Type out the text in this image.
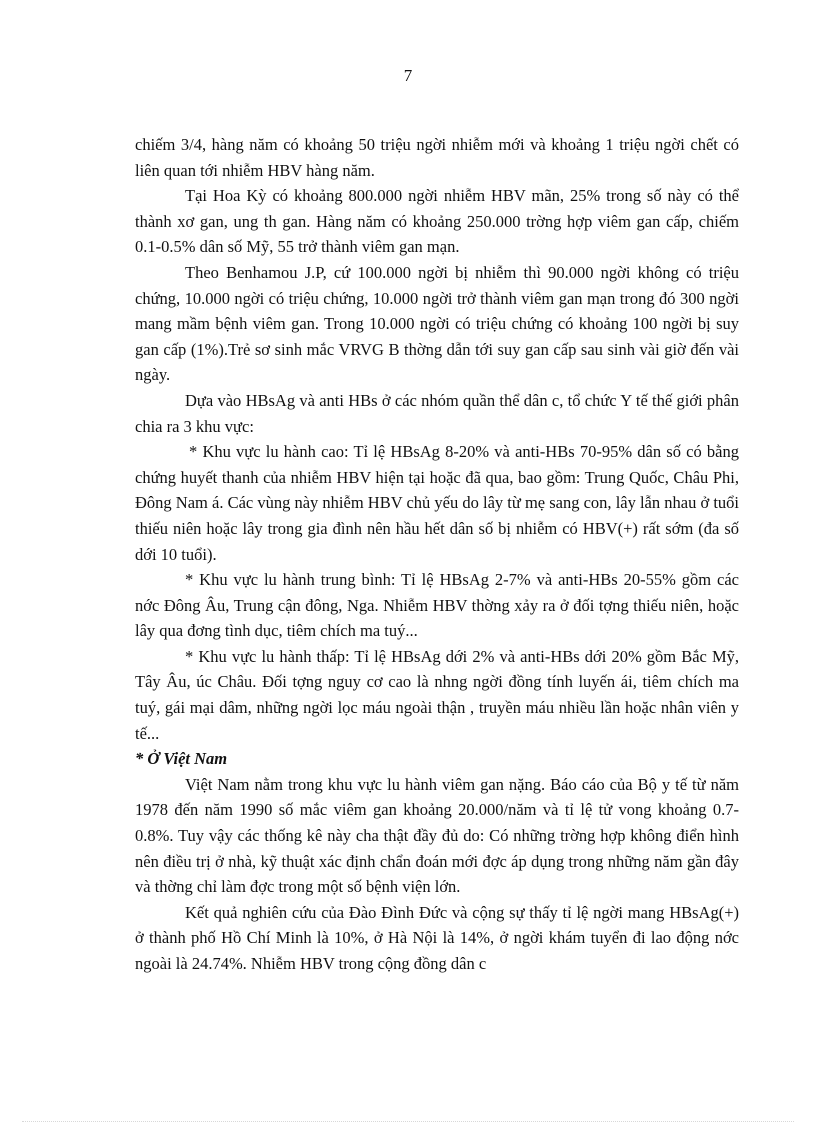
7

chiếm 3/4, hàng năm có khoảng 50 triệu ngời nhiễm mới và khoảng 1 triệu ngời chết có liên quan tới nhiễm HBV hàng năm.

Tại Hoa Kỳ có khoảng 800.000 ngời nhiễm HBV mãn, 25% trong số này có thể thành xơ gan, ung th gan. Hàng năm có khoảng 250.000 trờng hợp viêm gan cấp, chiếm 0.1-0.5% dân số Mỹ, 55 trở thành viêm gan mạn.

Theo Benhamou J.P, cứ 100.000 ngời bị nhiễm thì 90.000 ngời không có triệu chứng, 10.000 ngời có triệu chứng, 10.000 ngời trở thành viêm gan mạn trong đó 300 ngời mang mầm bệnh viêm gan. Trong 10.000 ngời có triệu chứng có khoảng 100 ngời bị suy gan cấp (1%).Trẻ sơ sinh mắc VRVG B thờng dẫn tới suy gan cấp sau sinh vài giờ đến vài ngày.

Dựa vào HBsAg và anti HBs ở các nhóm quần thể dân c, tổ chức Y tế thế giới phân chia ra 3 khu vực:

* Khu vực lu hành cao: Tỉ lệ HBsAg 8-20% và anti-HBs 70-95% dân số có bằng chứng huyết thanh của nhiễm HBV hiện tại hoặc đã qua, bao gồm: Trung Quốc, Châu Phi, Đông Nam á. Các vùng này nhiễm HBV chủ yếu do lây từ mẹ sang con, lây lẫn nhau ở tuổi thiếu niên hoặc lây trong gia đình nên hầu hết dân số bị nhiễm có HBV(+) rất sớm (đa số dới 10 tuổi).

* Khu vực lu hành trung bình: Tỉ lệ HBsAg 2-7% và anti-HBs 20-55% gồm các nớc Đông Âu, Trung cận đông, Nga. Nhiễm HBV thờng xảy ra ở đối tợng thiếu niên, hoặc lây qua đơng tình dục, tiêm chích ma tuý...

* Khu vực lu hành thấp: Tỉ lệ HBsAg dới 2% và anti-HBs dới 20% gồm Bắc Mỹ, Tây Âu, úc Châu. Đối tợng nguy cơ cao là nhng ngời đồng tính luyến ái, tiêm chích ma tuý, gái mại dâm, những ngời lọc máu ngoài thận , truyền máu nhiều lần hoặc nhân viên y tế...

* Ở Việt Nam

Việt Nam nằm trong khu vực lu hành viêm gan nặng. Báo cáo của Bộ y tế từ năm 1978 đến năm 1990 số mắc viêm gan khoảng 20.000/năm và tỉ lệ tử vong khoảng 0.7-0.8%. Tuy vậy các thống kê này cha thật đầy đủ do: Có những trờng hợp không điển hình nên điều trị ở nhà, kỹ thuật xác định chẩn đoán mới đợc áp dụng trong những năm gần đây và thờng chỉ làm đợc trong một số bệnh viện lớn.

Kết quả nghiên cứu của Đào Đình Đức và cộng sự thấy tỉ lệ ngời mang HBsAg(+) ở thành phố Hồ Chí Minh là 10%, ở Hà Nội là 14%, ở ngời khám tuyển đi lao động nớc ngoài là 24.74%. Nhiễm HBV trong cộng đồng dân c
